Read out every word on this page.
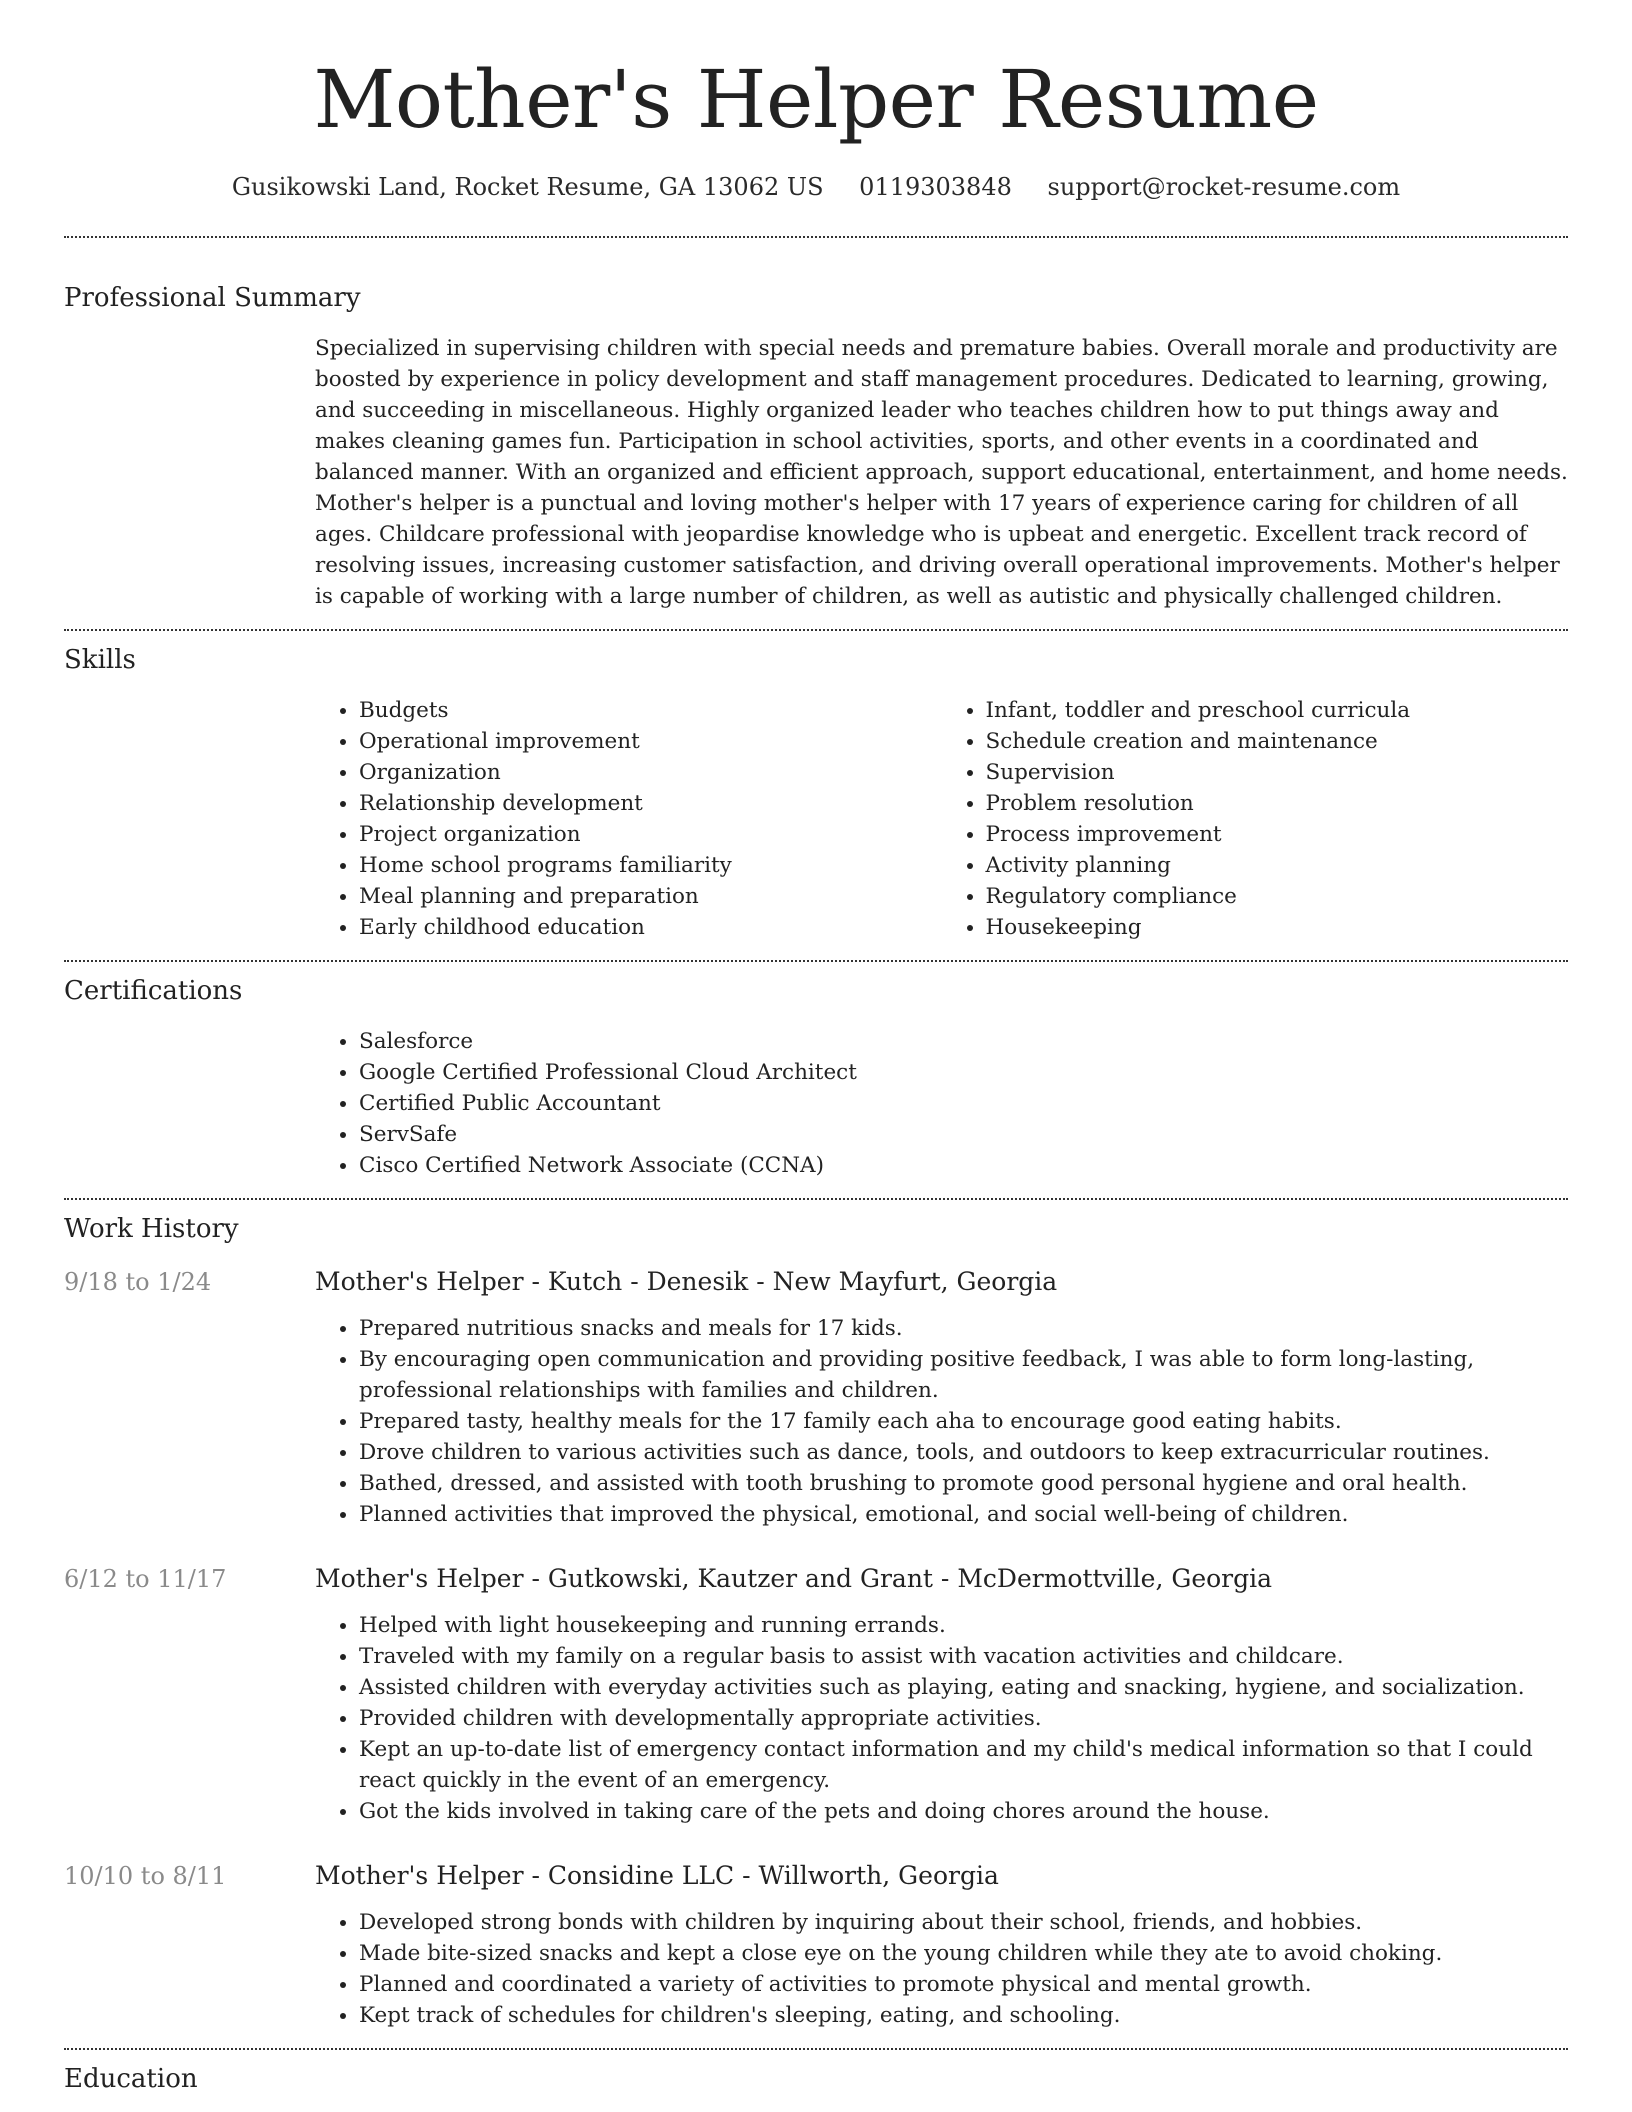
Mother's Helper Resume
Gusikowski Land, Rocket Resume, GA 13062 US 0119303848 support@rocket-resume.com
Professional Summary

Specialized in supervising children with special needs and premature babies. Overall morale and productivity are boosted by experience in policy development and staff management procedures. Dedicated to learning, growing, and succeeding in miscellaneous. Highly organized leader who teaches children how to put things away and makes cleaning games fun. Participation in school activities, sports, and other events in a coordinated and balanced manner. With an organized and efficient approach, support educational, entertainment, and home needs. Mother's helper is a punctual and loving mother's helper with 17 years of experience caring for children of all ages. Childcare professional with jeopardise knowledge who is upbeat and energetic. Excellent track record of resolving issues, increasing customer satisfaction, and driving overall operational improvements. Mother's helper is capable of working with a large number of children, as well as autistic and physically challenged children.

Skills
• Budgets
• Operational improvement
• Organization
• Relationship development
• Project organization
• Home school programs familiarity
• Meal planning and preparation
• Early childhood education
• Infant, toddler and preschool curricula
• Schedule creation and maintenance
• Supervision
• Problem resolution
• Process improvement
• Activity planning
• Regulatory compliance
• Housekeeping
Certifications
• Salesforce
• Google Certified Professional Cloud Architect
• Certified Public Accountant
• ServSafe
• Cisco Certified Network Associate (CCNA)
Work History
9/18 to 1/24	Mother's Helper - Kutch - Denesik - New Mayfurt, Georgia
• Prepared nutritious snacks and meals for 17 kids.
• By encouraging open communication and providing positive feedback, I was able to form long-lasting, professional relationships with families and children.
• Prepared tasty, healthy meals for the 17 family each aha to encourage good eating habits.
• Drove children to various activities such as dance, tools, and outdoors to keep extracurricular routines.
• Bathed, dressed, and assisted with tooth brushing to promote good personal hygiene and oral health.
• Planned activities that improved the physical, emotional, and social well-being of children.
6/12 to 11/17	Mother's Helper - Gutkowski, Kautzer and Grant - McDermottville, Georgia
• Helped with light housekeeping and running errands.
• Traveled with my family on a regular basis to assist with vacation activities and childcare.
• Assisted children with everyday activities such as playing, eating and snacking, hygiene, and socialization.
• Provided children with developmentally appropriate activities.
• Kept an up-to-date list of emergency contact information and my child's medical information so that I could react quickly in the event of an emergency.
• Got the kids involved in taking care of the pets and doing chores around the house.
10/10 to 8/11	Mother's Helper - Considine LLC - Willworth, Georgia
• Developed strong bonds with children by inquiring about their school, friends, and hobbies.
• Made bite-sized snacks and kept a close eye on the young children while they ate to avoid choking.
• Planned and coordinated a variety of activities to promote physical and mental growth.
• Kept track of schedules for children's sleeping, eating, and schooling.
Education
